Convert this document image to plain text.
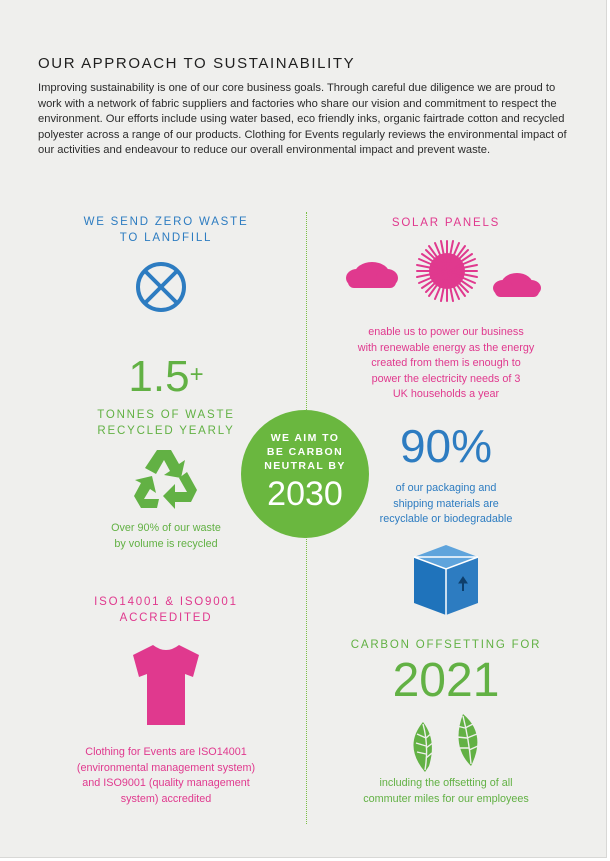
OUR APPROACH TO SUSTAINABILITY

Improving sustainability is one of our core business goals. Through careful due diligence we are proud to work with a network of fabric suppliers and factories who share our vision and commitment to respect the environment. Our efforts include using water based, eco friendly inks, organic fairtrade cotton and recycled polyester across a range of our products. Clothing for Events regularly reviews the environmental impact of our activities and endeavour to reduce our overall environmental impact and prevent waste.

WE SEND ZERO WASTE
TO LANDFILL
1.5+
TONNES OF WASTE
RECYCLED YEARLY
Over 90% of our waste
by volume is recycled
ISO14001 & ISO9001
ACCREDITED
Clothing for Events are ISO14001
(environmental management system)
and ISO9001 (quality management
system) accredited
WE AIM TO
BE CARBON
NEUTRAL BY
2030
SOLAR PANELS
enable us to power our business
with renewable energy as the energy
created from them is enough to
power the electricity needs of 3
UK households a year
90%
of our packaging and
shipping materials are
recyclable or biodegradable
CARBON OFFSETTING FOR
2021
including the offsetting of all
commuter miles for our employees
